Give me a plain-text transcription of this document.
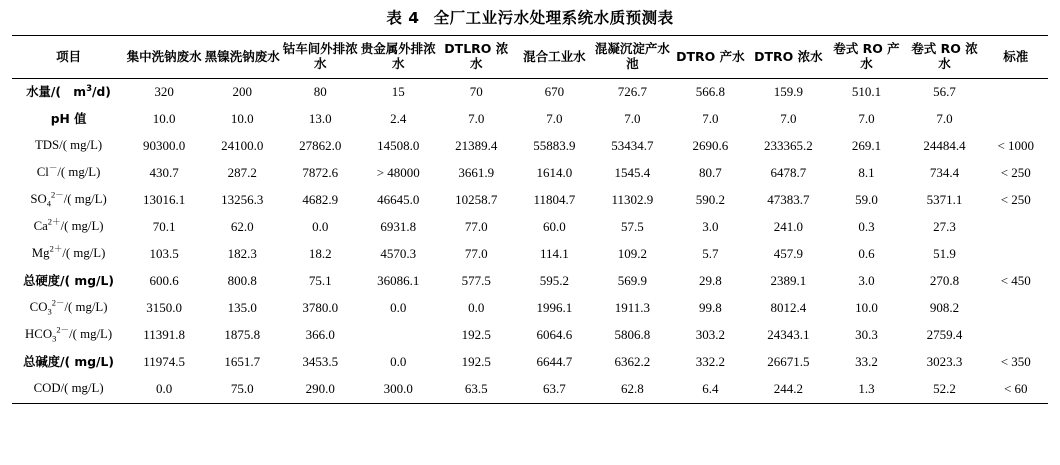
表 4 全厂工业污水处理系统水质预测表
项目	集中洗钠废水	黑镍洗钠废水	钴车间外排浓水	贵金属外排浓水	DTLRO 浓水	混合工业水	混凝沉淀产水池	DTRO 产水	DTRO 浓水	卷式 RO 产水	卷式 RO 浓水	标准
水量/(　$m^3/d$)	320	200	80	15	70	670	726.7	566.8	159.9	510.1	56.7	
pH 值	10.0	10.0	13.0	2.4	7.0	7.0	7.0	7.0	7.0	7.0	7.0	
TDS/( mg/L)	90300.0	24100.0	27862.0	14508.0	21389.4	55883.9	53434.7	2690.6	233365.2	269.1	24484.4	< 1000
Cl－/( mg/L)	430.7	287.2	7872.6	> 48000	3661.9	1614.0	1545.4	80.7	6478.7	8.1	734.4	< 250
$SO_4^{2-}/$( mg/L)	13016.1	13256.3	4682.9	46645.0	10258.7	11804.7	11302.9	590.2	47383.7	59.0	5371.1	< 250
$Ca^{2+}/$( mg/L)	70.1	62.0	0.0	6931.8	77.0	60.0	57.5	3.0	241.0	0.3	27.3	
$Mg^{2+}/$( mg/L)	103.5	182.3	18.2	4570.3	77.0	114.1	109.2	5.7	457.9	0.6	51.9	
总硬度/( mg/L)	600.6	800.8	75.1	36086.1	577.5	595.2	569.9	29.8	2389.1	3.0	270.8	< 450
$CO_3^{2-}/$( mg/L)	3150.0	135.0	3780.0	0.0	0.0	1996.1	1911.3	99.8	8012.4	10.0	908.2	
$HCO_3^{2-}/$( mg/L)	11391.8	1875.8	366.0		192.5	6064.6	5806.8	303.2	24343.1	30.3	2759.4	
总碱度/( mg/L)	11974.5	1651.7	3453.5	0.0	192.5	6644.7	6362.2	332.2	26671.5	33.2	3023.3	< 350
COD/( mg/L)	0.0	75.0	290.0	300.0	63.5	63.7	62.8	6.4	244.2	1.3	52.2	< 60
